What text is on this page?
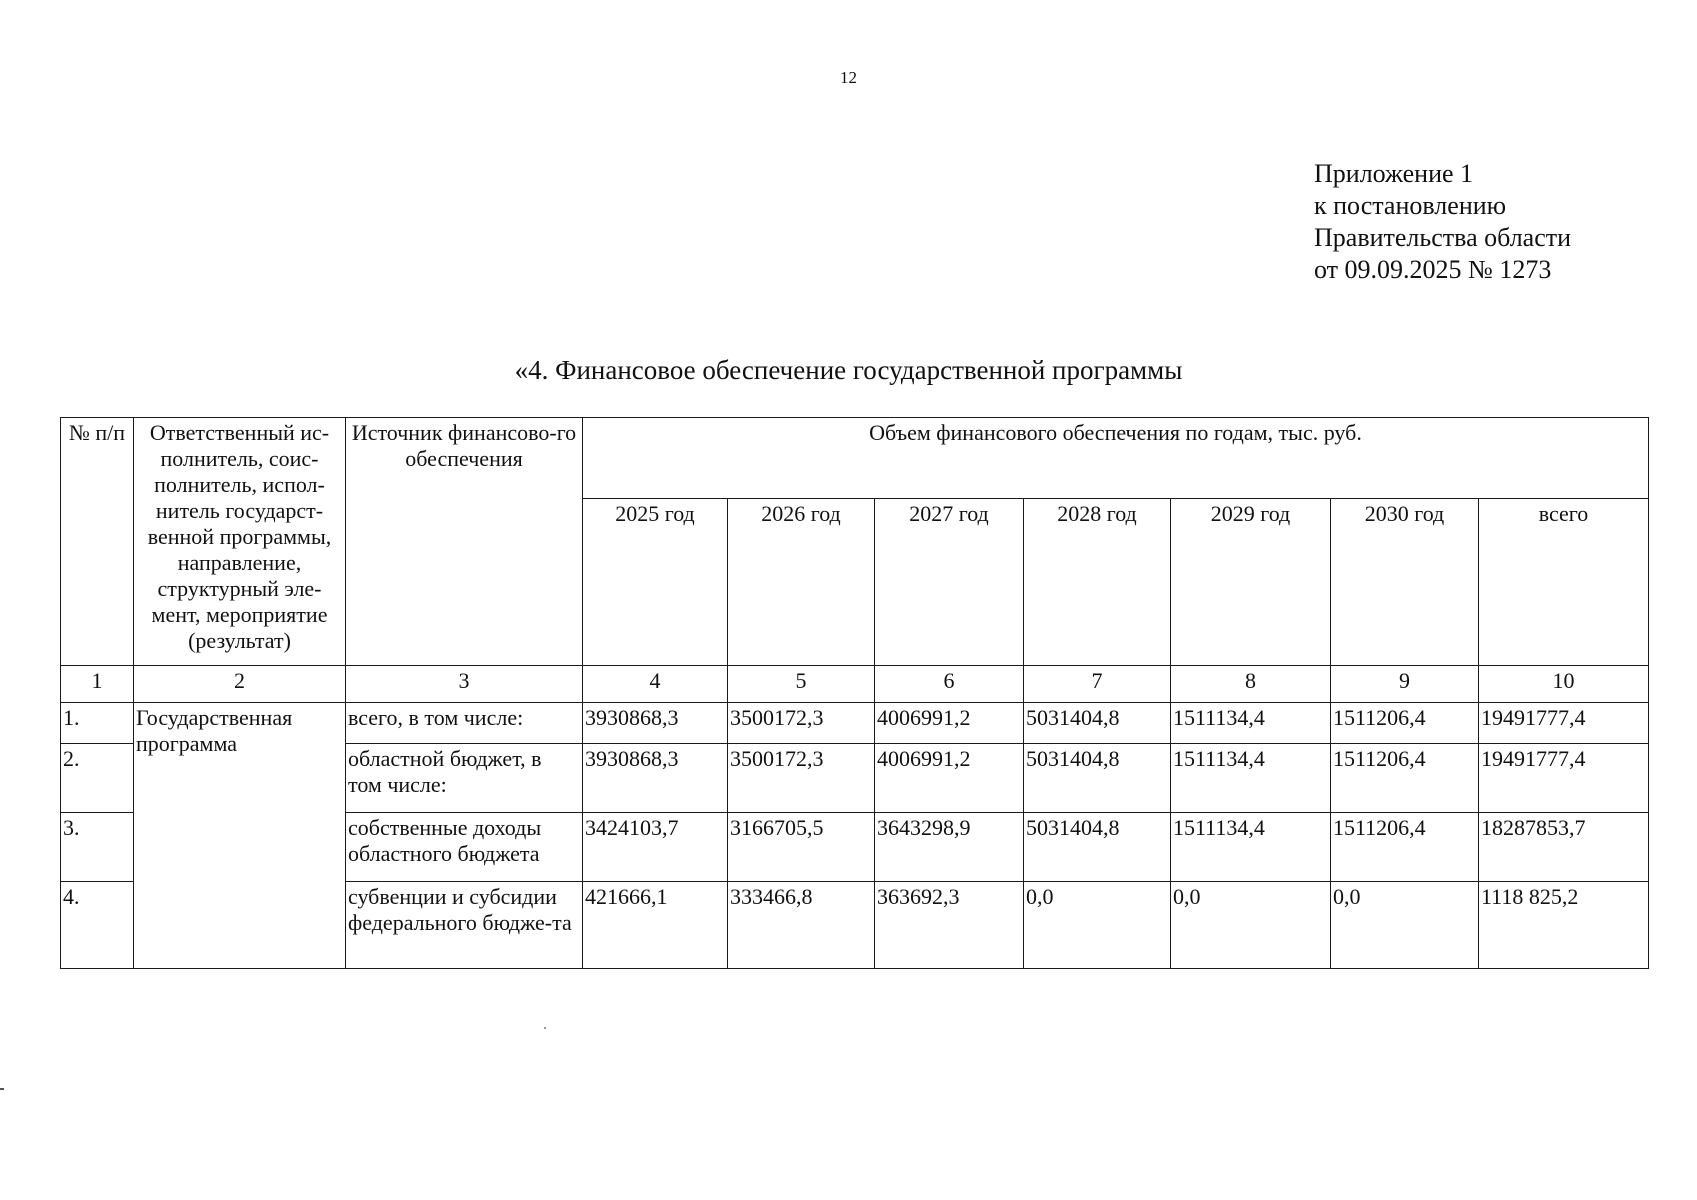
12
Приложение 1
к постановлению
Правительства области
от 09.09.2025 № 1273
«4. Финансовое обеспечение государственной программы
№ п/п	Ответственный ис-полнитель, соис-полнитель, испол-нитель государст-венной программы, направление, структурный эле-мент, мероприятие (результат)	Источник финансово-го обеспечения	Объем финансового обеспечения по годам, тыс. руб.						
			2025 год	2026 год	2027 год	2028 год	2029 год	2030 год	всего
1	2	3	4	5	6	7	8	9	10
1.	Государственная программа	всего, в том числе:	3930868,3	3500172,3	4006991,2	5031404,8	1511134,4	1511206,4	19491777,4
2.		областной бюджет, в том числе:	3930868,3	3500172,3	4006991,2	5031404,8	1511134,4	1511206,4	19491777,4
3.		собственные доходы областного бюджета	3424103,7	3166705,5	3643298,9	5031404,8	1511134,4	1511206,4	18287853,7
4.		субвенции и субсидии федерального бюдже-та	421666,1	333466,8	363692,3	0,0	0,0	0,0	1118 825,2
